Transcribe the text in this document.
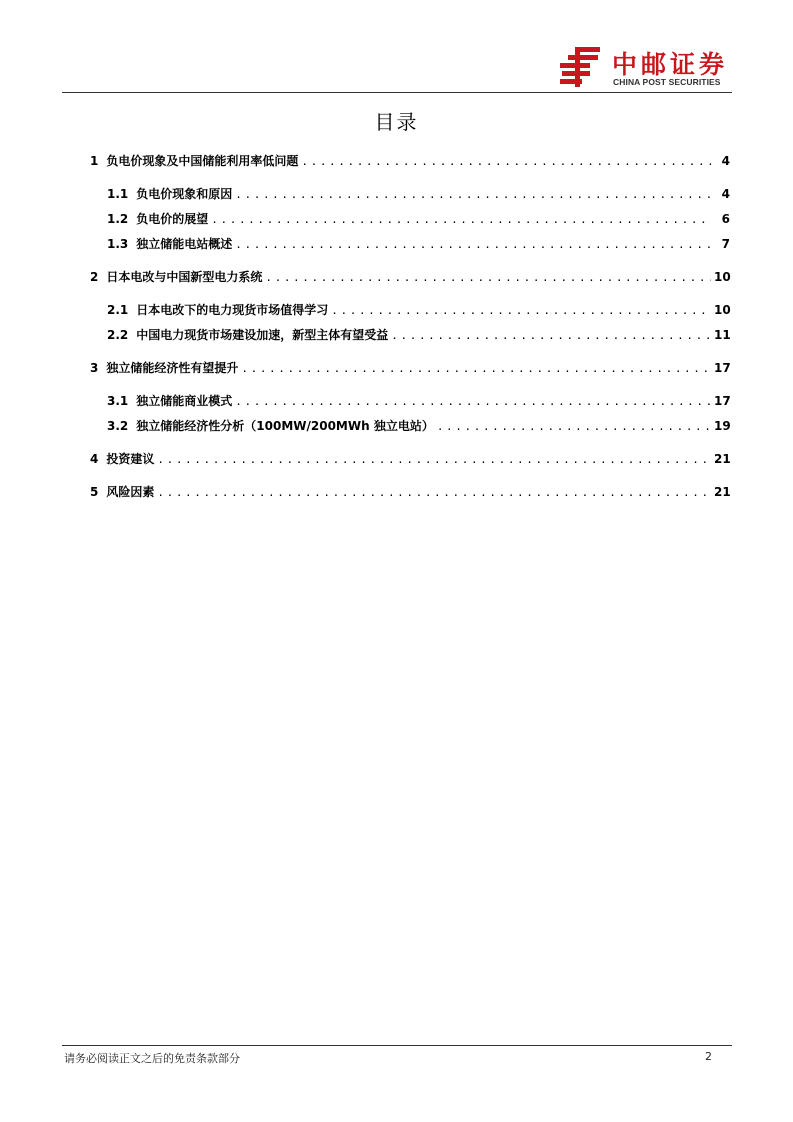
中邮证券
CHINA POST SECURITIES
目录
1 负电价现象及中国储能利用率低问题 .....	4
1.1 负电价现象和原因 .....	4
1.2 负电价的展望 .....	6
1.3 独立储能电站概述 .....	7
2 日本电改与中国新型电力系统 .....	10
2.1 日本电改下的电力现货市场值得学习 .....	10
2.2 中国电力现货市场建设加速，新型主体有望受益 .....	11
3 独立储能经济性有望提升 .....	17
3.1 独立储能商业模式 .....	17
3.2 独立储能经济性分析（100MW/200MWh 独立电站） .....	19
4 投资建议 .....	21
5 风险因素 .....	21
请务必阅读正文之后的免责条款部分	2
